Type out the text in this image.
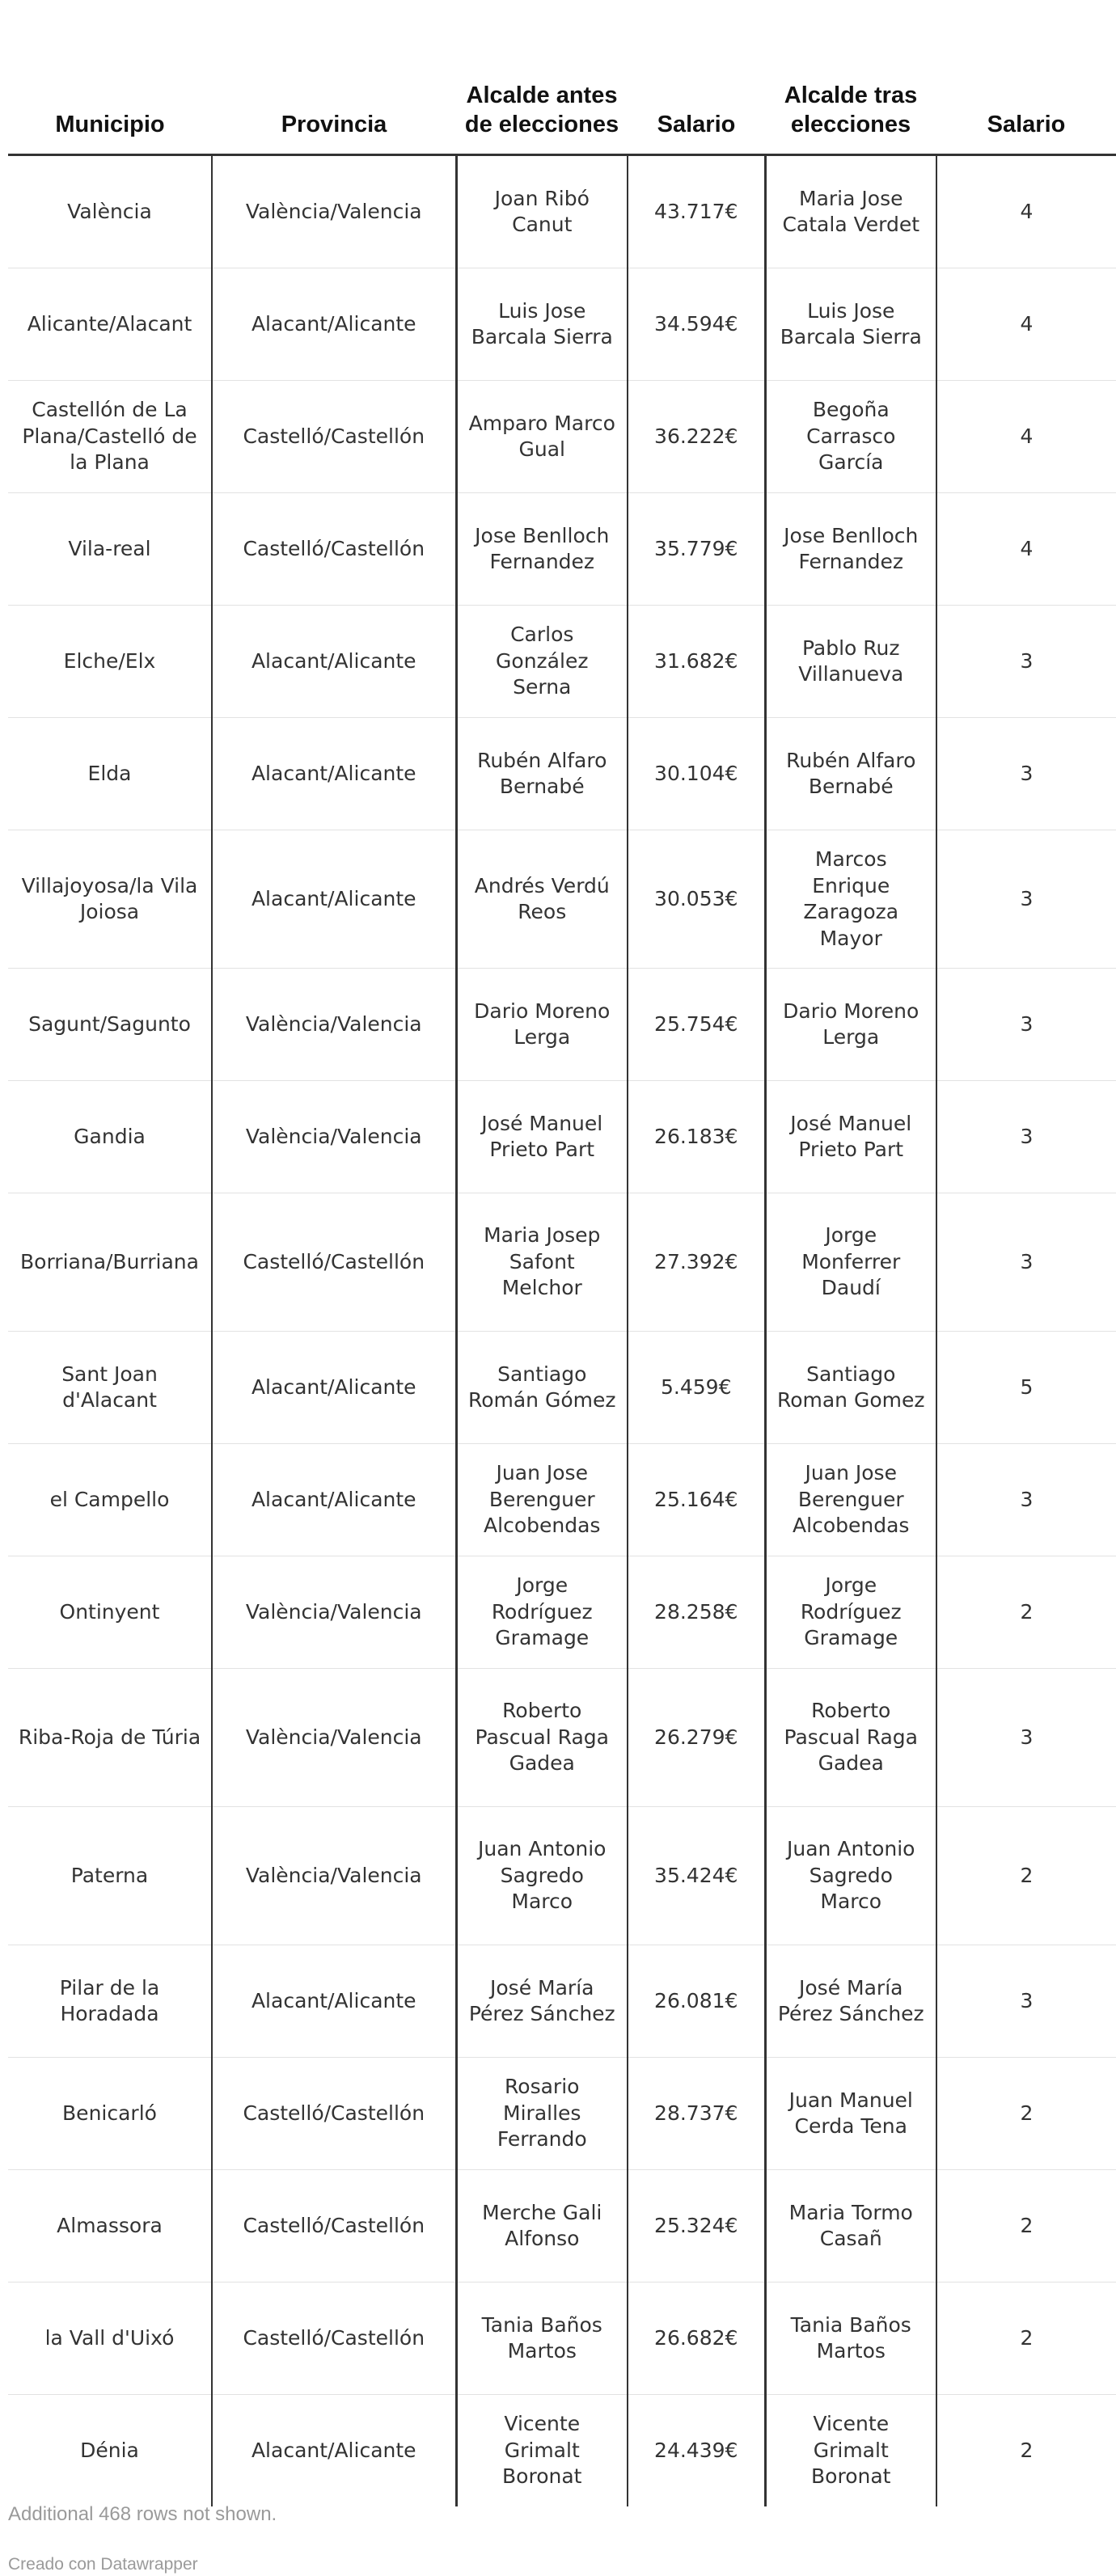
Municipio	Provincia	Alcalde antes de elecciones	Salario	Alcalde tras elecciones	Salario
València	València/Valencia	Joan Ribó Canut	43.717€	Maria Jose Catala Verdet	4
Alicante/Alacant	Alacant/Alicante	Luis Jose Barcala Sierra	34.594€	Luis Jose Barcala Sierra	4
Castellón de La Plana/Castelló de la Plana	Castelló/Castellón	Amparo Marco Gual	36.222€	Begoña Carrasco García	4
Vila-real	Castelló/Castellón	Jose Benlloch Fernandez	35.779€	Jose Benlloch Fernandez	4
Elche/Elx	Alacant/Alicante	Carlos González Serna	31.682€	Pablo Ruz Villanueva	3
Elda	Alacant/Alicante	Rubén Alfaro Bernabé	30.104€	Rubén Alfaro Bernabé	3
Villajoyosa/la Vila Joiosa	Alacant/Alicante	Andrés Verdú Reos	30.053€	Marcos Enrique Zaragoza Mayor	3
Sagunt/Sagunto	València/Valencia	Dario Moreno Lerga	25.754€	Dario Moreno Lerga	3
Gandia	València/Valencia	José Manuel Prieto Part	26.183€	José Manuel Prieto Part	3
Borriana/Burriana	Castelló/Castellón	Maria Josep Safont Melchor	27.392€	Jorge Monferrer Daudí	3
Sant Joan d'Alacant	Alacant/Alicante	Santiago Román Gómez	5.459€	Santiago Roman Gomez	5
el Campello	Alacant/Alicante	Juan Jose Berenguer Alcobendas	25.164€	Juan Jose Berenguer Alcobendas	3
Ontinyent	València/Valencia	Jorge Rodríguez Gramage	28.258€	Jorge Rodríguez Gramage	2
Riba-Roja de Túria	València/Valencia	Roberto Pascual Raga Gadea	26.279€	Roberto Pascual Raga Gadea	3
Paterna	València/Valencia	Juan Antonio Sagredo Marco	35.424€	Juan Antonio Sagredo Marco	2
Pilar de la Horadada	Alacant/Alicante	José María Pérez Sánchez	26.081€	José María Pérez Sánchez	3
Benicarló	Castelló/Castellón	Rosario Miralles Ferrando	28.737€	Juan Manuel Cerda Tena	2
Almassora	Castelló/Castellón	Merche Gali Alfonso	25.324€	Maria Tormo Casañ	2
la Vall d'Uixó	Castelló/Castellón	Tania Baños Martos	26.682€	Tania Baños Martos	2
Dénia	Alacant/Alicante	Vicente Grimalt Boronat	24.439€	Vicente Grimalt Boronat	2
Additional 468 rows not shown.
Creado con Datawrapper
